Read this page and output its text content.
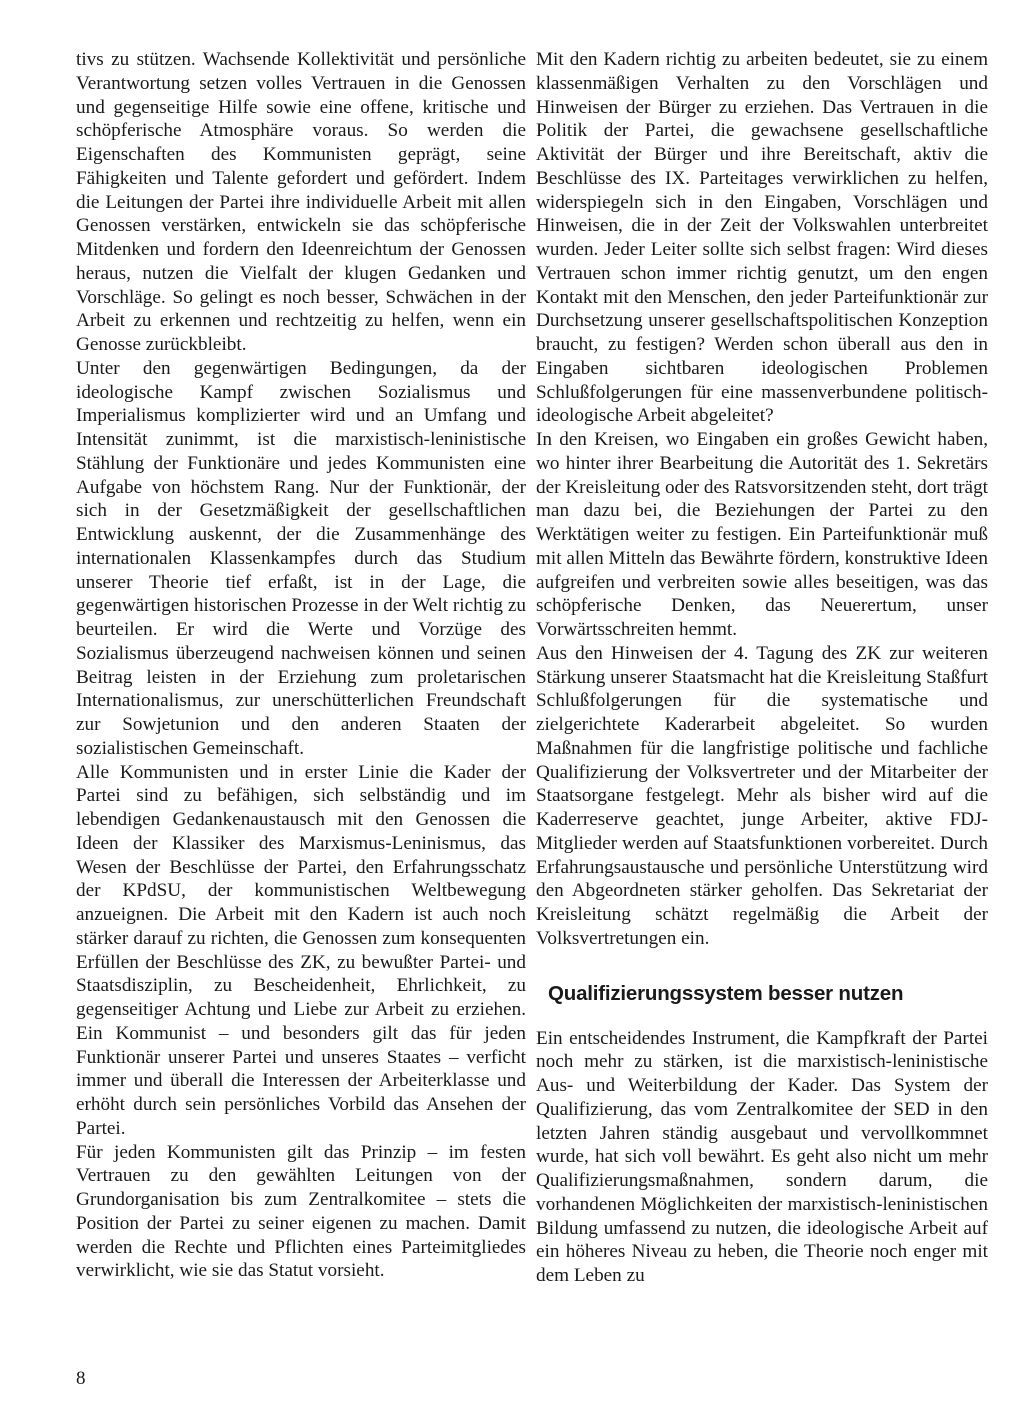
tivs zu stützen. Wachsende Kollektivität und persönliche Verantwortung setzen volles Vertrauen in die Genossen und gegenseitige Hilfe sowie eine offene, kritische und schöpferische Atmosphäre voraus. So werden die Eigenschaften des Kommunisten geprägt, seine Fähigkeiten und Talente gefordert und gefördert. Indem die Leitungen der Partei ihre individuelle Arbeit mit allen Genossen verstärken, entwickeln sie das schöpferische Mitdenken und fordern den Ideenreichtum der Genossen heraus, nutzen die Vielfalt der klugen Gedanken und Vorschläge. So gelingt es noch besser, Schwächen in der Arbeit zu erkennen und rechtzeitig zu helfen, wenn ein Genosse zurückbleibt.

Unter den gegenwärtigen Bedingungen, da der ideologische Kampf zwischen Sozialismus und Imperialismus komplizierter wird und an Umfang und Intensität zunimmt, ist die marxistisch-leninistische Stählung der Funktionäre und jedes Kommunisten eine Aufgabe von höchstem Rang. Nur der Funktionär, der sich in der Gesetzmäßigkeit der gesellschaftlichen Entwicklung auskennt, der die Zusammenhänge des internationalen Klassenkampfes durch das Studium unserer Theorie tief erfaßt, ist in der Lage, die gegenwärtigen historischen Prozesse in der Welt richtig zu beurteilen. Er wird die Werte und Vorzüge des Sozialismus überzeugend nachweisen können und seinen Beitrag leisten in der Erziehung zum proletarischen Internationalismus, zur unerschütterlichen Freundschaft zur Sowjetunion und den anderen Staaten der sozialistischen Gemeinschaft.

Alle Kommunisten und in erster Linie die Kader der Partei sind zu befähigen, sich selbständig und im lebendigen Gedankenaustausch mit den Genossen die Ideen der Klassiker des Marxismus-Leninismus, das Wesen der Beschlüsse der Partei, den Erfahrungsschatz der KPdSU, der kommunistischen Weltbewegung anzueignen. Die Arbeit mit den Kadern ist auch noch stärker darauf zu richten, die Genossen zum konsequenten Erfüllen der Beschlüsse des ZK, zu bewußter Partei- und Staatsdisziplin, zu Bescheidenheit, Ehrlichkeit, zu gegenseitiger Achtung und Liebe zur Arbeit zu erziehen. Ein Kommunist – und besonders gilt das für jeden Funktionär unserer Partei und unseres Staates – verficht immer und überall die Interessen der Arbeiterklasse und erhöht durch sein persönliches Vorbild das Ansehen der Partei.

Für jeden Kommunisten gilt das Prinzip – im festen Vertrauen zu den gewählten Leitungen von der Grundorganisation bis zum Zentralkomitee – stets die Position der Partei zu seiner eigenen zu machen. Damit werden die Rechte und Pflichten eines Parteimitgliedes verwirklicht, wie sie das Statut vorsieht.

Mit den Kadern richtig zu arbeiten bedeutet, sie zu einem klassenmäßigen Verhalten zu den Vorschlägen und Hinweisen der Bürger zu erziehen. Das Vertrauen in die Politik der Partei, die gewachsene gesellschaftliche Aktivität der Bürger und ihre Bereitschaft, aktiv die Beschlüsse des IX. Parteitages verwirklichen zu helfen, widerspiegeln sich in den Eingaben, Vorschlägen und Hinweisen, die in der Zeit der Volkswahlen unterbreitet wurden. Jeder Leiter sollte sich selbst fragen: Wird dieses Vertrauen schon immer richtig genutzt, um den engen Kontakt mit den Menschen, den jeder Parteifunktionär zur Durchsetzung unserer gesellschaftspolitischen Konzeption braucht, zu festigen? Werden schon überall aus den in Eingaben sichtbaren ideologischen Problemen Schlußfolgerungen für eine massenverbundene politisch-ideologische Arbeit abgeleitet?

In den Kreisen, wo Eingaben ein großes Gewicht haben, wo hinter ihrer Bearbeitung die Autorität des 1. Sekretärs der Kreisleitung oder des Ratsvorsitzenden steht, dort trägt man dazu bei, die Beziehungen der Partei zu den Werktätigen weiter zu festigen. Ein Parteifunktionär muß mit allen Mitteln das Bewährte fördern, konstruktive Ideen aufgreifen und verbreiten sowie alles beseitigen, was das schöpferische Denken, das Neuerertum, unser Vorwärtsschreiten hemmt.

Aus den Hinweisen der 4. Tagung des ZK zur weiteren Stärkung unserer Staatsmacht hat die Kreisleitung Staßfurt Schlußfolgerungen für die systematische und zielgerichtete Kaderarbeit abgeleitet. So wurden Maßnahmen für die langfristige politische und fachliche Qualifizierung der Volksvertreter und der Mitarbeiter der Staatsorgane festgelegt. Mehr als bisher wird auf die Kaderreserve geachtet, junge Arbeiter, aktive FDJ-Mitglieder werden auf Staatsfunktionen vorbereitet. Durch Erfahrungsaustausche und persönliche Unterstützung wird den Abgeordneten stärker geholfen. Das Sekretariat der Kreisleitung schätzt regelmäßig die Arbeit der Volksvertretungen ein.

Qualifizierungssystem besser nutzen

Ein entscheidendes Instrument, die Kampfkraft der Partei noch mehr zu stärken, ist die marxistisch-leninistische Aus- und Weiterbildung der Kader. Das System der Qualifizierung, das vom Zentralkomitee der SED in den letzten Jahren ständig ausgebaut und vervollkommnet wurde, hat sich voll bewährt. Es geht also nicht um mehr Qualifizierungsmaßnahmen, sondern darum, die vorhandenen Möglichkeiten der marxistisch-leninistischen Bildung umfassend zu nutzen, die ideologische Arbeit auf ein höheres Niveau zu heben, die Theorie noch enger mit dem Leben zu

8
